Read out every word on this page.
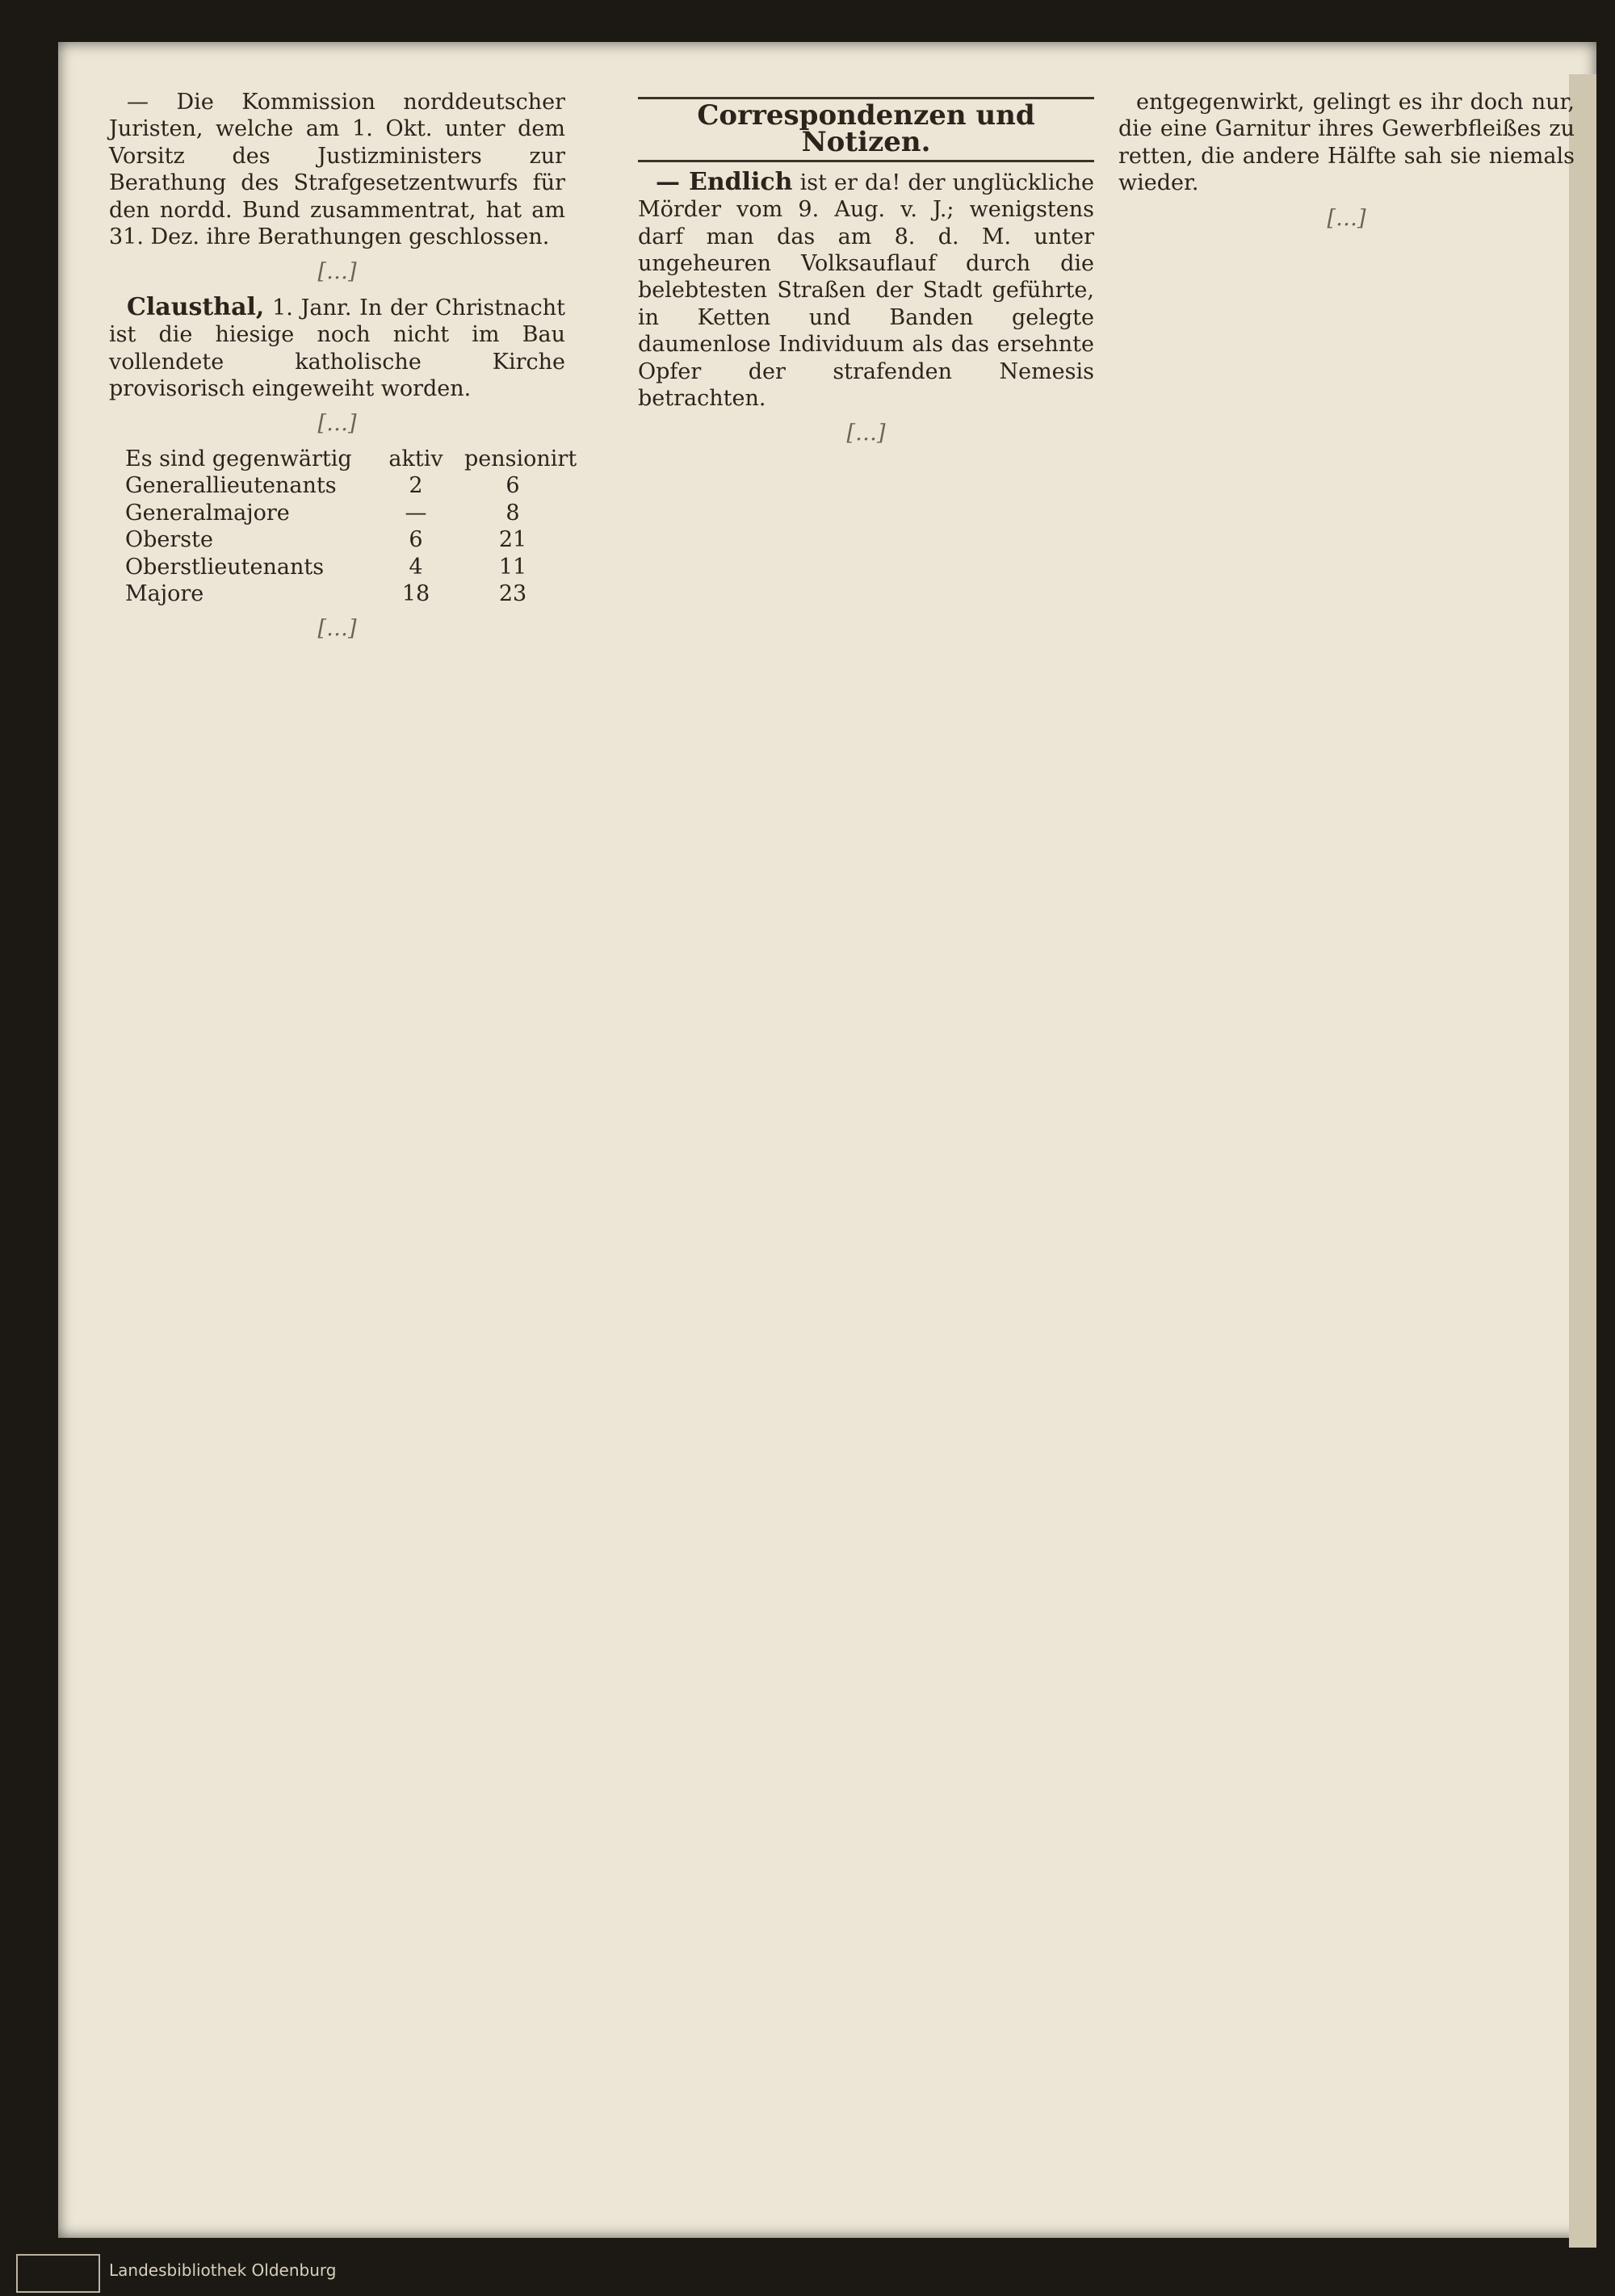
— Die Kommission norddeutscher Juristen, welche am 1. Okt. unter dem Vorsitz des Justizministers zur Berathung des Strafgesetzentwurfs für den nordd. Bund zusammentrat, hat am 31. Dez. ihre Berathungen geschlossen.

[…]

Clausthal, 1. Janr. In der Christnacht ist die hiesige noch nicht im Bau vollendete katholische Kirche provisorisch eingeweiht worden.

[…]

Es sind gegenwärtig	aktiv pensionirt
Generallieutenants	2	6
Generalmajore	—	8
Oberste	6	21
Oberstlieutenants	4	11
Majore	18	23

[…]

Correspondenzen und Notizen.

— Endlich ist er da! der unglückliche Mörder vom 9. Aug. v. J.; wenigstens darf man das am 8. d. M. unter ungeheuren Volksauflauf durch die belebtesten Straßen der Stadt geführte, in Ketten und Banden gelegte daumenlose Individuum als das ersehnte Opfer der strafenden Nemesis betrachten.

[…]

entgegenwirkt, gelingt es ihr doch nur, die eine Garnitur ihres Gewerbfleißes zu retten, die andere Hälfte sah sie niemals wieder.

[…]

Landesbibliothek Oldenburg
